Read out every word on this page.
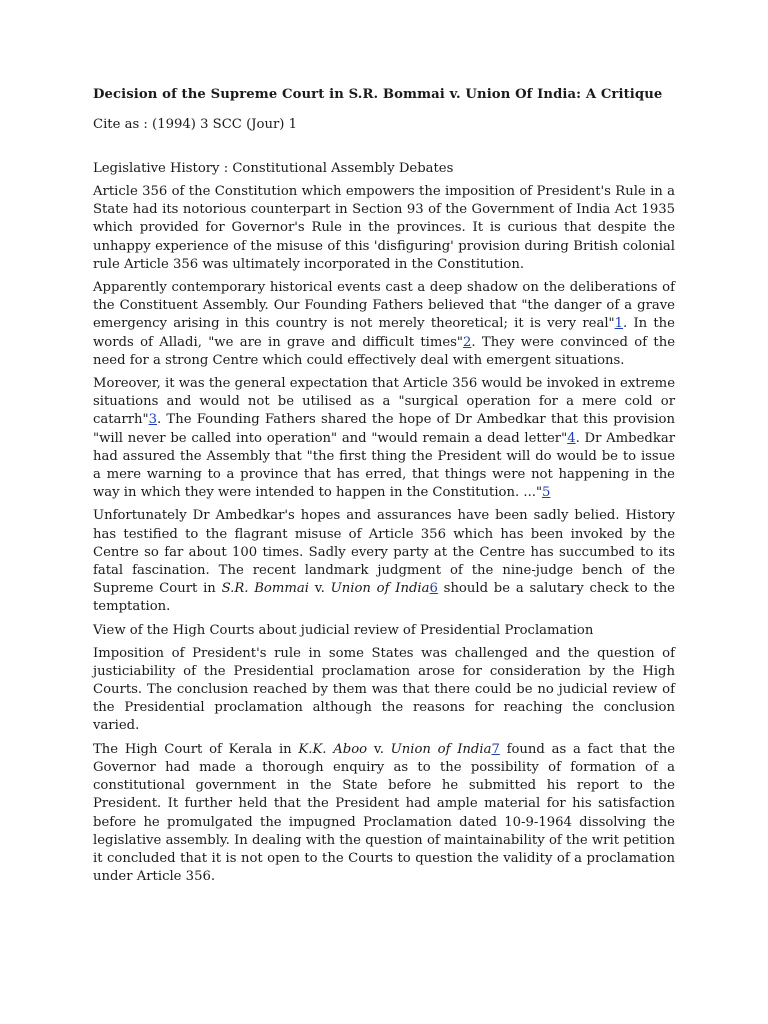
Decision of the Supreme Court in S.R. Bommai v. Union Of India: A Critique
Cite as : (1994) 3 SCC (Jour) 1
Legislative History : Constitutional Assembly Debates

Article 356 of the Constitution which empowers the imposition of President's Rule in a State had its notorious counterpart in Section 93 of the Government of India Act 1935 which provided for Governor's Rule in the provinces. It is curious that despite the unhappy experience of the misuse of this 'disfiguring' provision during British colonial rule Article 356 was ultimately incorporated in the Constitution.

Apparently contemporary historical events cast a deep shadow on the deliberations of the Constituent Assembly. Our Founding Fathers believed that "the danger of a grave emergency arising in this country is not merely theoretical; it is very real"1. In the words of Alladi, "we are in grave and difficult times"2. They were convinced of the need for a strong Centre which could effectively deal with emergent situations.

Moreover, it was the general expectation that Article 356 would be invoked in extreme situations and would not be utilised as a "surgical operation for a mere cold or catarrh"3. The Founding Fathers shared the hope of Dr Ambedkar that this provision "will never be called into operation" and "would remain a dead letter"4. Dr Ambedkar had assured the Assembly that "the first thing the President will do would be to issue a mere warning to a province that has erred, that things were not happening in the way in which they were intended to happen in the Constitution. ..."5

Unfortunately Dr Ambedkar's hopes and assurances have been sadly belied. History has testified to the flagrant misuse of Article 356 which has been invoked by the Centre so far about 100 times. Sadly every party at the Centre has succumbed to its fatal fascination. The recent landmark judgment of the nine-judge bench of the Supreme Court in S.R. Bommai v. Union of India6 should be a salutary check to the temptation.

View of the High Courts about judicial review of Presidential Proclamation

Imposition of President's rule in some States was challenged and the question of justiciability of the Presidential proclamation arose for consideration by the High Courts. The conclusion reached by them was that there could be no judicial review of the Presidential proclamation although the reasons for reaching the conclusion varied.

The High Court of Kerala in K.K. Aboo v. Union of India7 found as a fact that the Governor had made a thorough enquiry as to the possibility of formation of a constitutional government in the State before he submitted his report to the President. It further held that the President had ample material for his satisfaction before he promulgated the impugned Proclamation dated 10-9-1964 dissolving the legislative assembly. In dealing with the question of maintainability of the writ petition it concluded that it is not open to the Courts to question the validity of a proclamation under Article 356.
